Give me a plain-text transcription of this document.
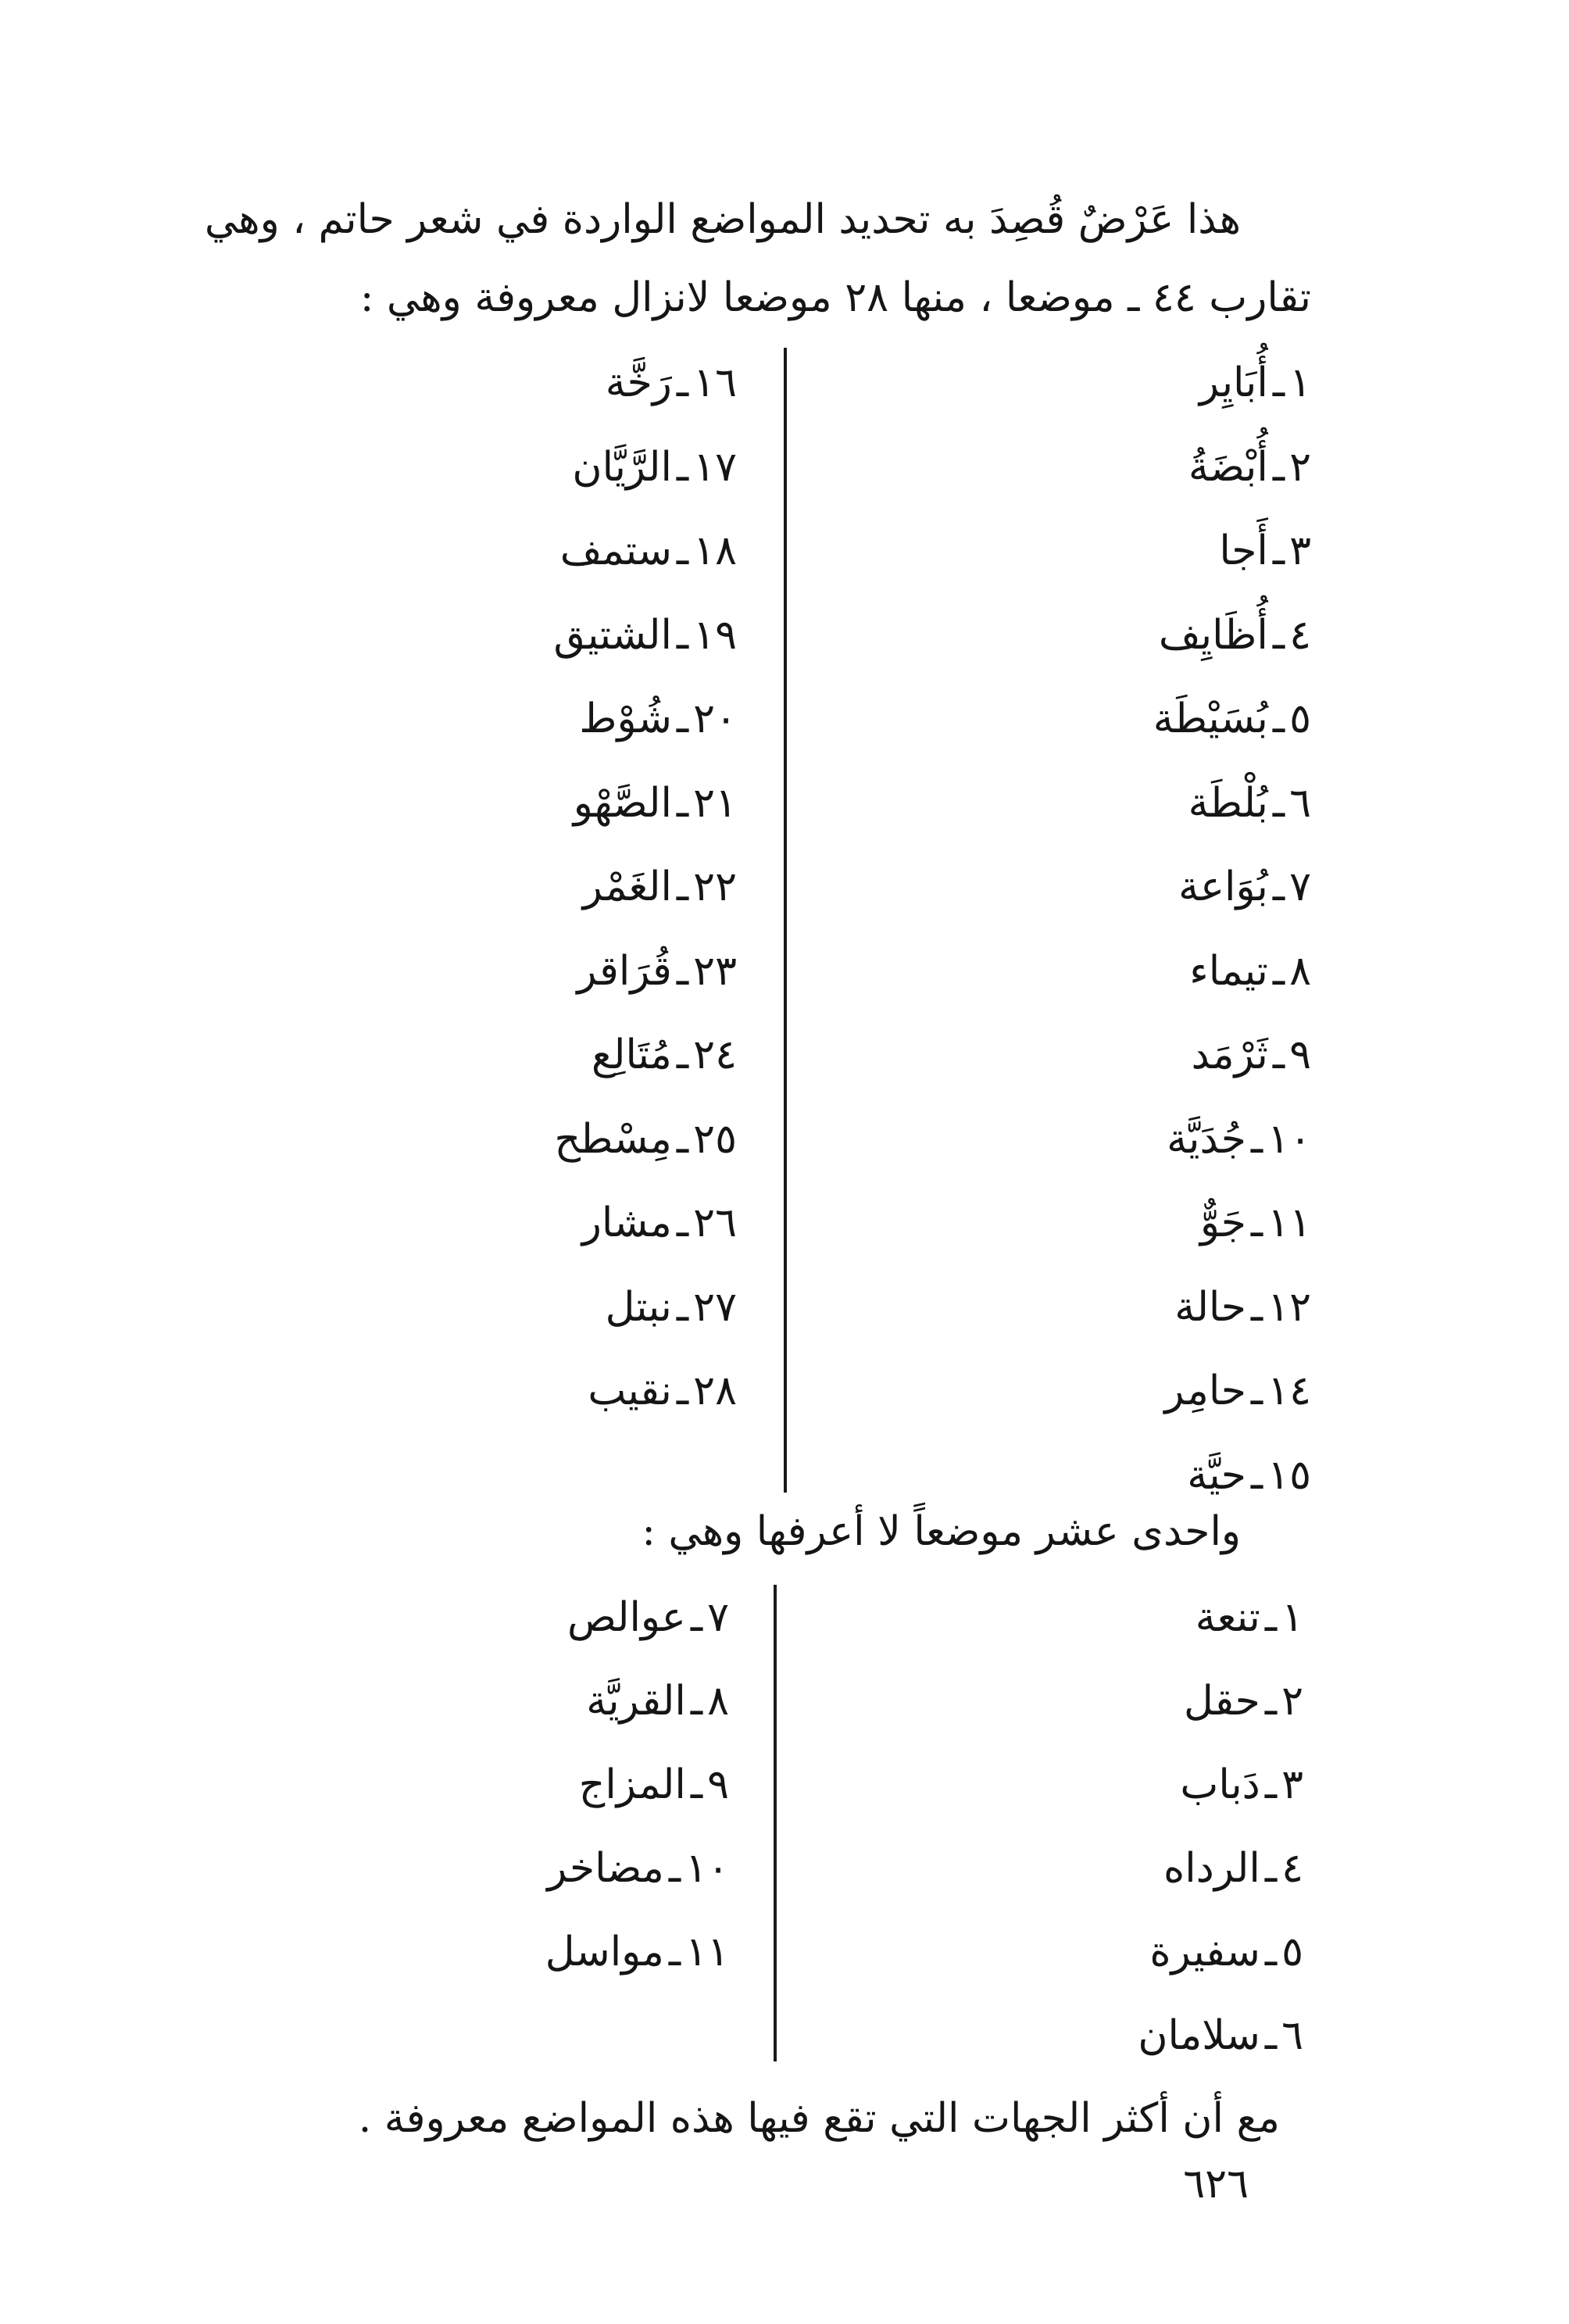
هذا عَرْضٌ قُصِدَ به تحديد المواضع الواردة في شعر حاتم ، وهي
تقارب ٤٤ ـ موضعا ، منها ٢٨ موضعا لانزال معروفة وهي :
١ـأُبَايِر
٢ـأُبْضَةُ
٣ـأَجا
٤ـأُظَايِف
٥ـبُسَيْطَة
٦ـبُلْطَة
٧ـبُوَاعة
٨ـتيماء
٩ـثَرْمَد
١٠ـجُدَيَّة
١١ـجَوٌّ
١٢ـحالة
١٤ـحامِر
١٥ـحيَّة
١٦ـرَخَّة
١٧ـالرَّيَّان
١٨ـستمف
١٩ـالشتيق
٢٠ـشُوْط
٢١ـالصَّهْو
٢٢ـالغَمْر
٢٣ـقُرَاقر
٢٤ـمُتَالِع
٢٥ـمِسْطح
٢٦ـمشار
٢٧ـنبتل
٢٨ـنقيب
واحدى عشر موضعاً لا أعرفها وهي :
١ـتنعة
٢ـحقل
٣ـدَباب
٤ـالرداه
٥ـسفيرة
٦ـسلامان
٧ـعوالص
٨ـالقريَّة
٩ـالمزاج
١٠ـمضاخر
١١ـمواسل
مع أن أكثر الجهات التي تقع فيها هذه المواضع معروفة .
٦٢٦
